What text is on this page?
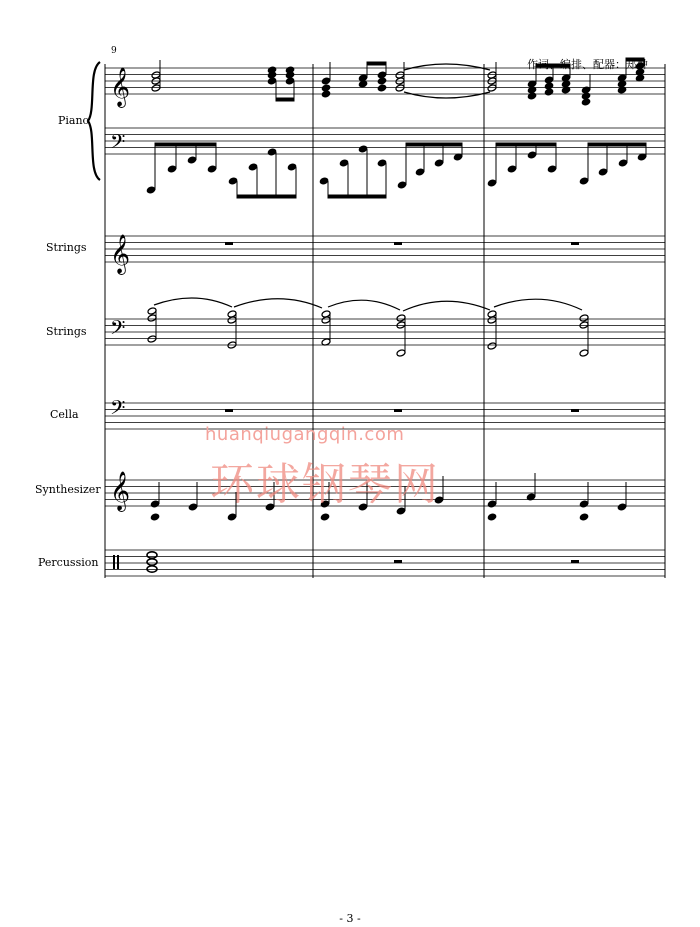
𝄞
𝄢
𝄞
𝄢
𝄢
𝄞
9
作词、编排、配器：郑翀
Piano
Strings
Strings
Cella
Synthesizer
Percussion
huanqiugangqin.com
环球钢琴网
- 3 -
